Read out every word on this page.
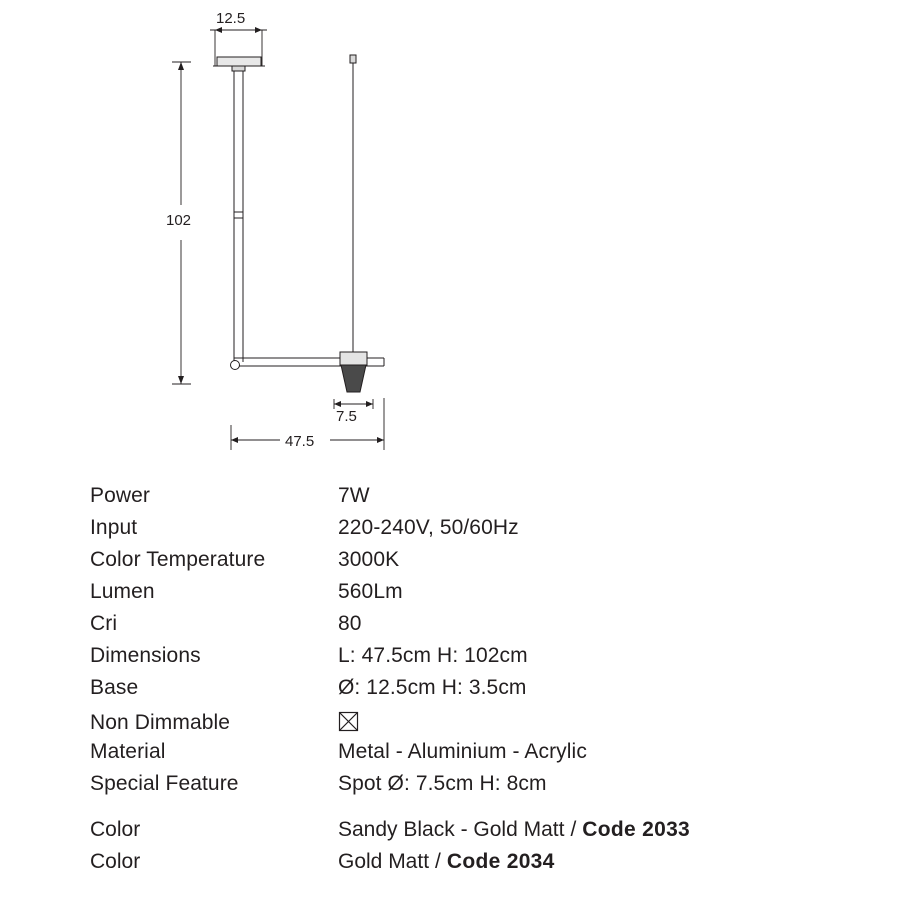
12.5
102
7.5
47.5
Power	7W
Input	220-240V, 50/60Hz
Color Temperature	3000K
Lumen	560Lm
Cri	80
Dimensions	L: 47.5cm H: 102cm
Base	Ø: 12.5cm H: 3.5cm
Non Dimmable
Material	Metal - Aluminium - Acrylic
Special Feature	Spot Ø: 7.5cm H: 8cm
Color	Sandy Black - Gold Matt / Code 2033
Color	Gold Matt / Code 2034
